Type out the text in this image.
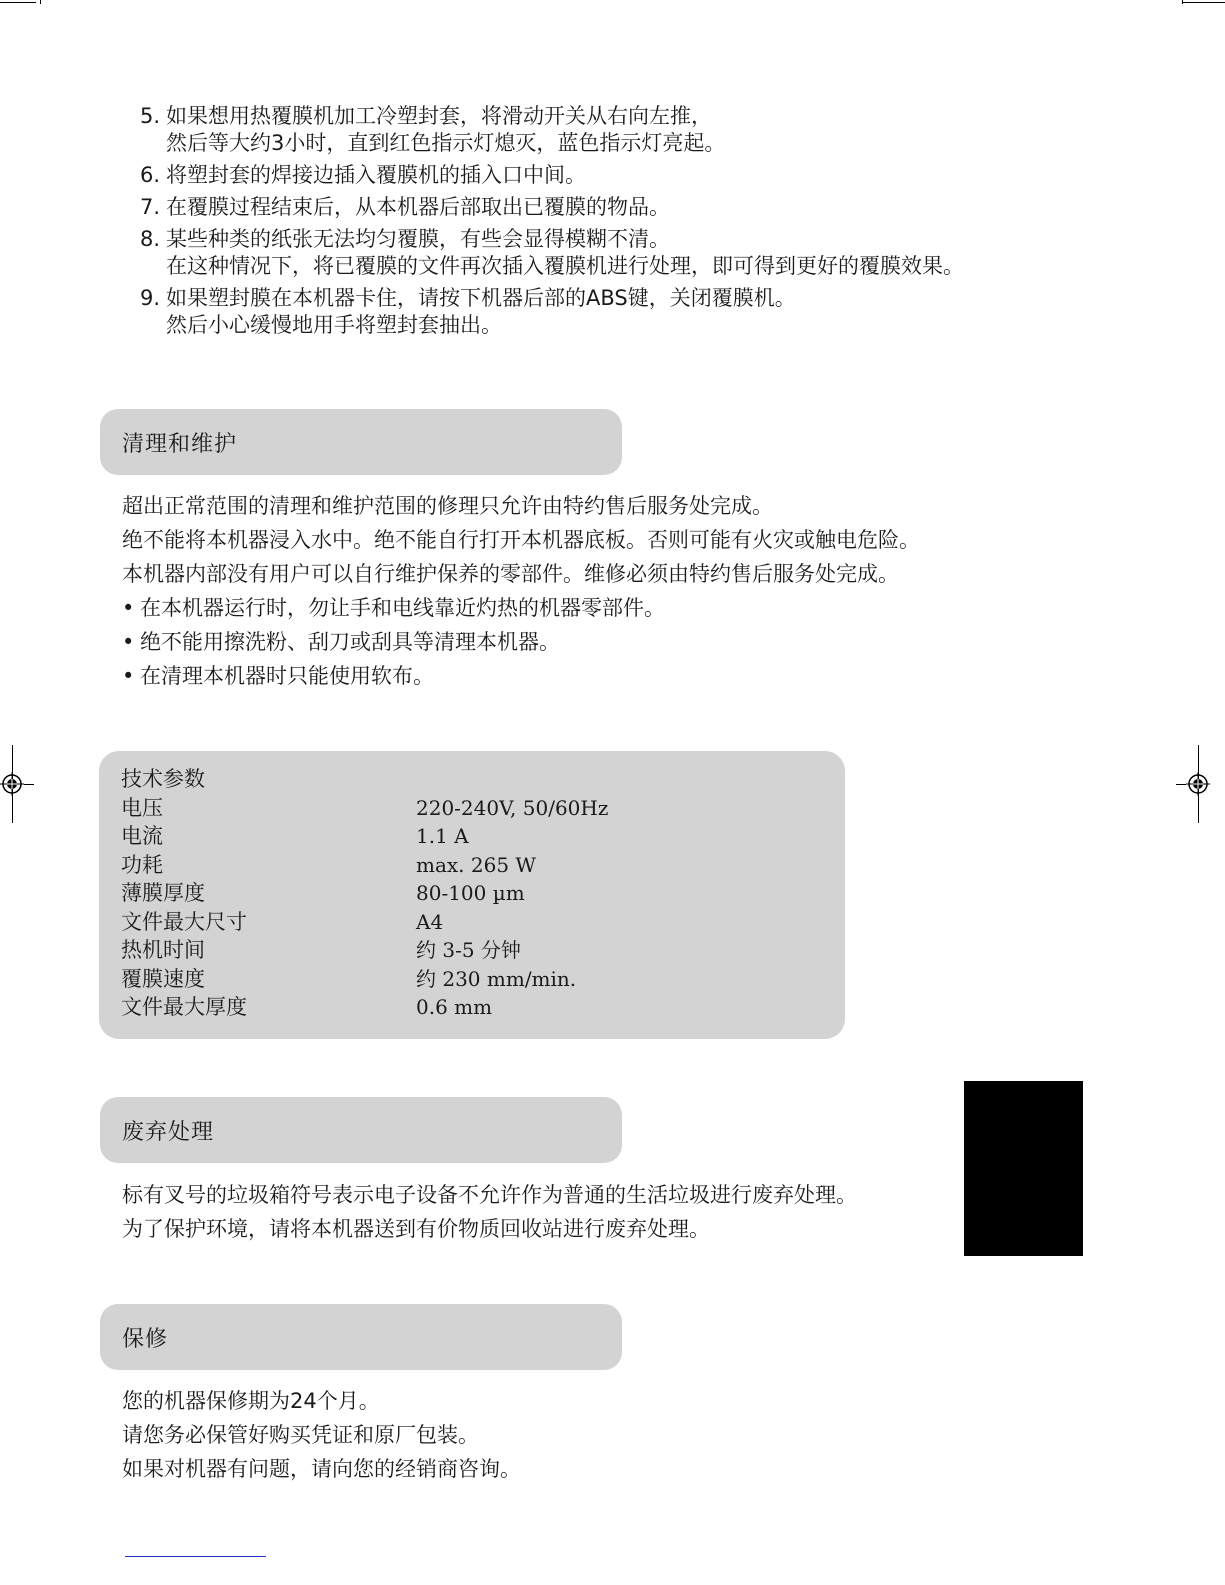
5. 如果想用热覆膜机加工冷塑封套，将滑动开关从右向左推，
然后等大约3小时，直到红色指示灯熄灭，蓝色指示灯亮起。
6. 将塑封套的焊接边插入覆膜机的插入口中间。
7. 在覆膜过程结束后，从本机器后部取出已覆膜的物品。
8. 某些种类的纸张无法均匀覆膜，有些会显得模糊不清。
在这种情况下，将已覆膜的文件再次插入覆膜机进行处理，即可得到更好的覆膜效果。
9. 如果塑封膜在本机器卡住，请按下机器后部的ABS键，关闭覆膜机。
然后小心缓慢地用手将塑封套抽出。
清理和维护
超出正常范围的清理和维护范围的修理只允许由特约售后服务处完成。
绝不能将本机器浸入水中。绝不能自行打开本机器底板。否则可能有火灾或触电危险。
本机器内部没有用户可以自行维护保养的零部件。维修必须由特约售后服务处完成。
• 在本机器运行时，勿让手和电线靠近灼热的机器零部件。
• 绝不能用擦洗粉、刮刀或刮具等清理本机器。
• 在清理本机器时只能使用软布。
技术参数
电压	220-240V, 50/60Hz
电流	1.1 A
功耗	max. 265 W
薄膜厚度	80-100 µm
文件最大尺寸	A4
热机时间	约 3-5 分钟
覆膜速度	约 230 mm/min.
文件最大厚度	0.6 mm
废弃处理
标有叉号的垃圾箱符号表示电子设备不允许作为普通的生活垃圾进行废弃处理。
为了保护环境，请将本机器送到有价物质回收站进行废弃处理。
保修
您的机器保修期为24个月。
请您务必保管好购买凭证和原厂包装。
如果对机器有问题，请向您的经销商咨询。
